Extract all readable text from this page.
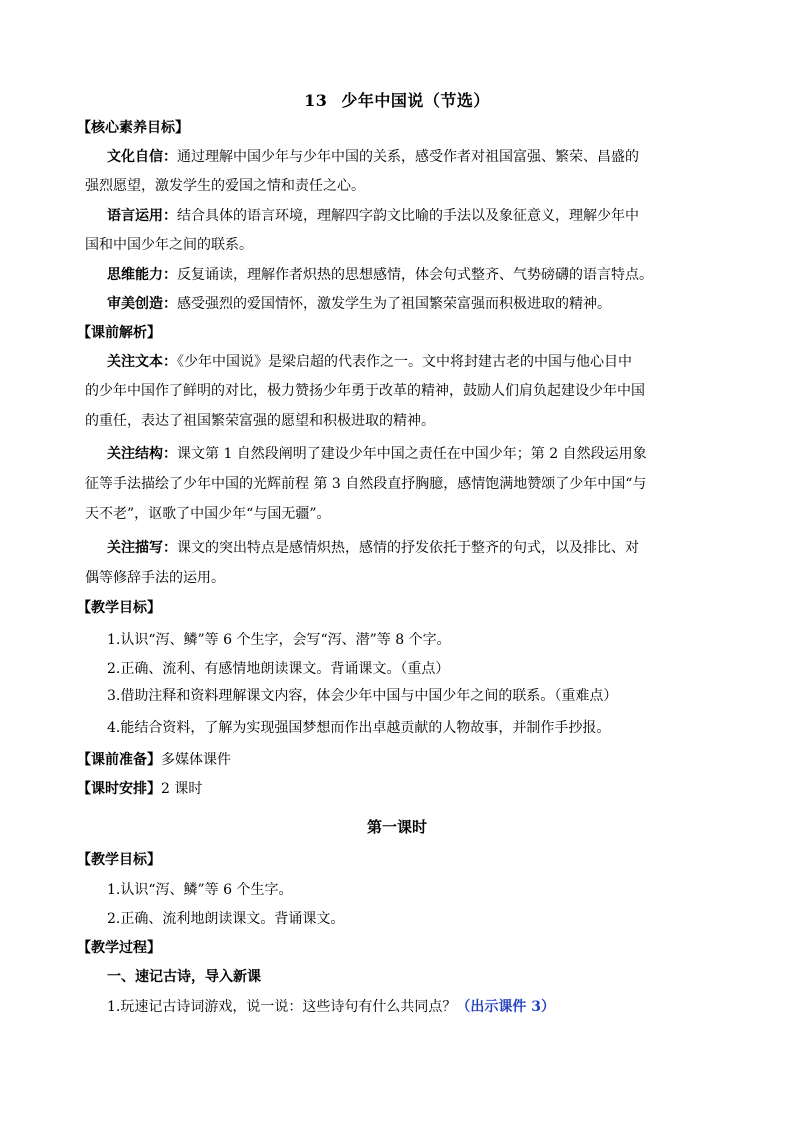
13 少年中国说（节选）
【核心素养目标】
文化自信：通过理解中国少年与少年中国的关系，感受作者对祖国富强、繁荣、昌盛的
强烈愿望，激发学生的爱国之情和责任之心。
语言运用：结合具体的语言环境，理解四字韵文比喻的手法以及象征意义，理解少年中
国和中国少年之间的联系。
思维能力：反复诵读，理解作者炽热的思想感情，体会句式整齐、气势磅礴的语言特点。
审美创造：感受强烈的爱国情怀，激发学生为了祖国繁荣富强而积极进取的精神。
【课前解析】
关注文本：《少年中国说》是梁启超的代表作之一。文中将封建古老的中国与他心目中
的少年中国作了鲜明的对比，极力赞扬少年勇于改革的精神，鼓励人们肩负起建设少年中国
的重任，表达了祖国繁荣富强的愿望和积极进取的精神。
关注结构：课文第 1 自然段阐明了建设少年中国之责任在中国少年；第 2 自然段运用象
征等手法描绘了少年中国的光辉前程 第 3 自然段直抒胸臆，感情饱满地赞颂了少年中国“与
天不老”，讴歌了中国少年“与国无疆”。
关注描写：课文的突出特点是感情炽热，感情的抒发依托于整齐的句式，以及排比、对
偶等修辞手法的运用。
【教学目标】
1.认识“泻、鳞”等 6 个生字，会写“泻、潜”等 8 个字。
2.正确、流利、有感情地朗读课文。背诵课文。（重点）
3.借助注释和资料理解课文内容，体会少年中国与中国少年之间的联系。（重难点）
4.能结合资料，了解为实现强国梦想而作出卓越贡献的人物故事，并制作手抄报。
【课前准备】多媒体课件
【课时安排】2 课时
第一课时
【教学目标】
1.认识“泻、鳞”等 6 个生字。
2.正确、流利地朗读课文。背诵课文。
【教学过程】
一、速记古诗，导入新课
1.玩速记古诗词游戏，说一说：这些诗句有什么共同点？（出示课件 3）
